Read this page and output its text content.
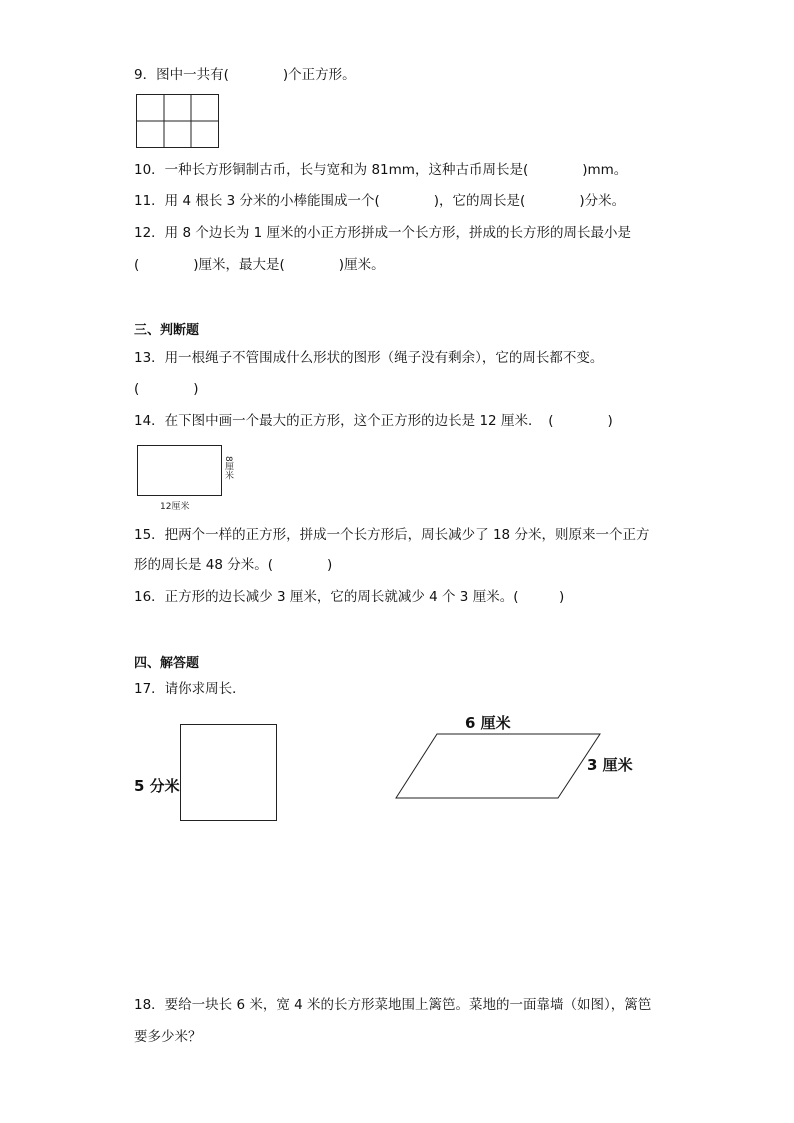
9．图中一共有(　　　　)个正方形。
10．一种长方形铜制古币，长与宽和为 81mm，这种古币周长是(　　　　)mm。
11．用 4 根长 3 分米的小棒能围成一个(　　　　)，它的周长是(　　　　)分米。
12．用 8 个边长为 1 厘米的小正方形拼成一个长方形，拼成的长方形的周长最小是
(　　　　)厘米，最大是(　　　　)厘米。
三、判断题
13．用一根绳子不管围成什么形状的图形（绳子没有剩余），它的周长都不变。
(　　　　)
14．在下图中画一个最大的正方形，这个正方形的边长是 12 厘米．　(　　　　)
12厘米
8厘米
15．把两个一样的正方形，拼成一个长方形后，周长减少了 18 分米，则原来一个正方
形的周长是 48 分米。(　　　　)
16．正方形的边长减少 3 厘米，它的周长就减少 4 个 3 厘米。(　　　)
四、解答题
17．请你求周长．
5 分米
6 厘米
3 厘米
18．要给一块长 6 米，宽 4 米的长方形菜地围上篱笆。菜地的一面靠墙（如图），篱笆
要多少米？
